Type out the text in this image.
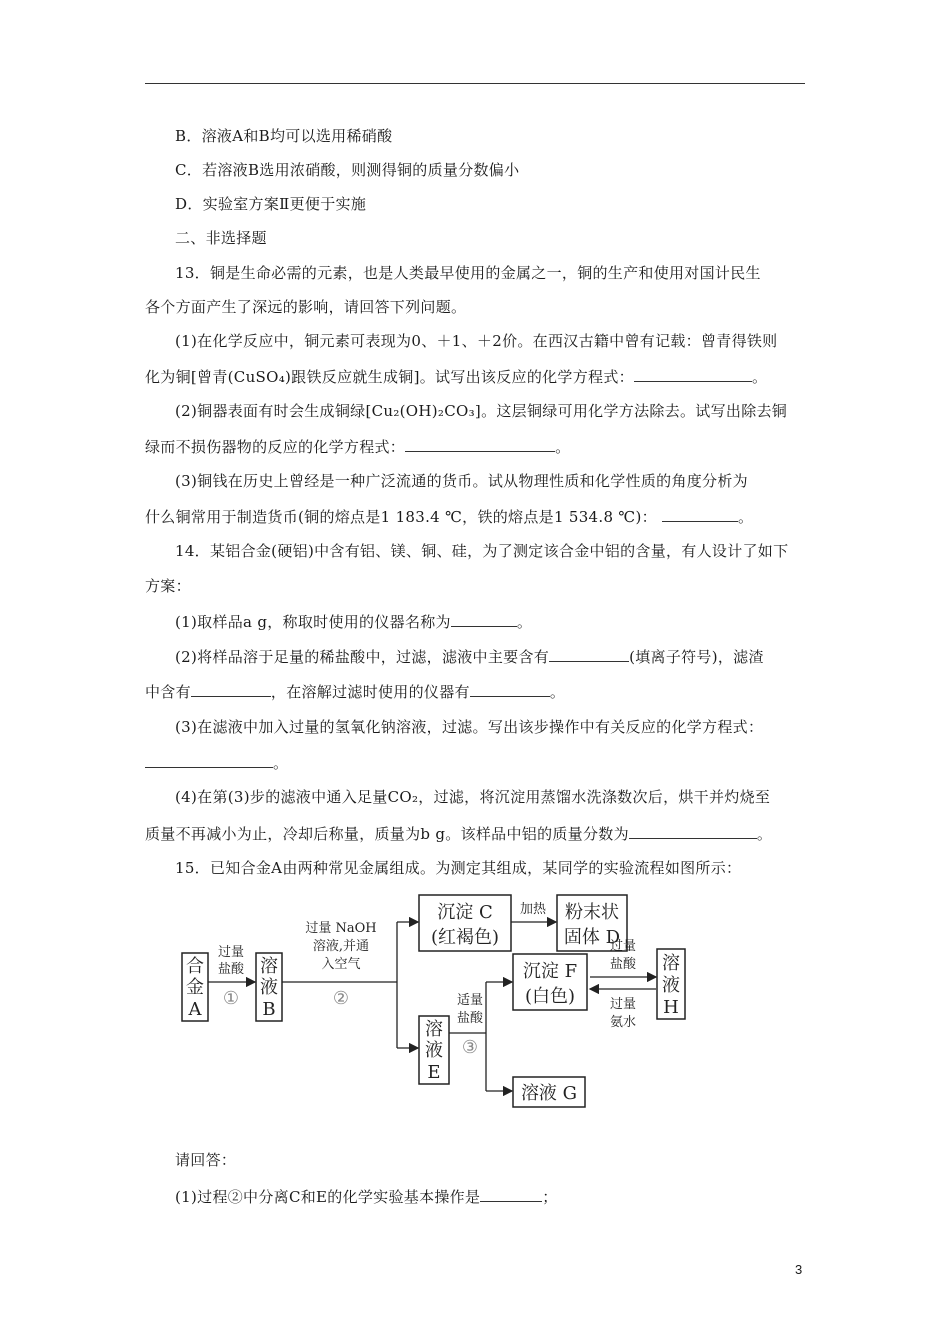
B．溶液A和B均可以选用稀硝酸
C．若溶液B选用浓硝酸，则测得铜的质量分数偏小
D．实验室方案Ⅱ更便于实施
二、非选择题
13．铜是生命必需的元素，也是人类最早使用的金属之一，铜的生产和使用对国计民生
各个方面产生了深远的影响，请回答下列问题。
(1)在化学反应中，铜元素可表现为0、＋1、＋2价。在西汉古籍中曾有记载：曾青得铁则
化为铜[曾青(CuSO₄)跟铁反应就生成铜]。试写出该反应的化学方程式：	。
(2)铜器表面有时会生成铜绿[Cu₂(OH)₂CO₃]。这层铜绿可用化学方法除去。试写出除去铜
绿而不损伤器物的反应的化学方程式：	。
(3)铜钱在历史上曾经是一种广泛流通的货币。试从物理性质和化学性质的角度分析为
什么铜常用于制造货币(铜的熔点是1 183.4 ℃，铁的熔点是1 534.8 ℃)：	。
14．某铝合金(硬铝)中含有铝、镁、铜、硅，为了测定该合金中铝的含量，有人设计了如下
方案：
(1)取样品a g，称取时使用的仪器名称为	。
(2)将样品溶于足量的稀盐酸中，过滤，滤液中主要含有	(填离子符号)，滤渣
中含有	，在溶解过滤时使用的仪器有	。
(3)在滤液中加入过量的氢氧化钠溶液，过滤。写出该步操作中有关反应的化学方程式：
。
(4)在第(3)步的滤液中通入足量CO₂，过滤，将沉淀用蒸馏水洗涤数次后，烘干并灼烧至
质量不再减小为止，冷却后称量，质量为b g。该样品中铝的质量分数为	。
15．已知合金A由两种常见金属组成。为测定其组成，某同学的实验流程如图所示：
合
金
A
过量
盐酸
①
溶
液
B
过量 NaOH
溶液,并通
入空气
②
沉淀 C
(红褐色)
加热 粉末状
固体 D
溶
液
E
适量
盐酸
③
沉淀 F
(白色)
过量
盐酸
过量
氨水
溶
液
H
溶液 G
请回答：
(1)过程②中分离C和E的化学实验基本操作是	；
3
